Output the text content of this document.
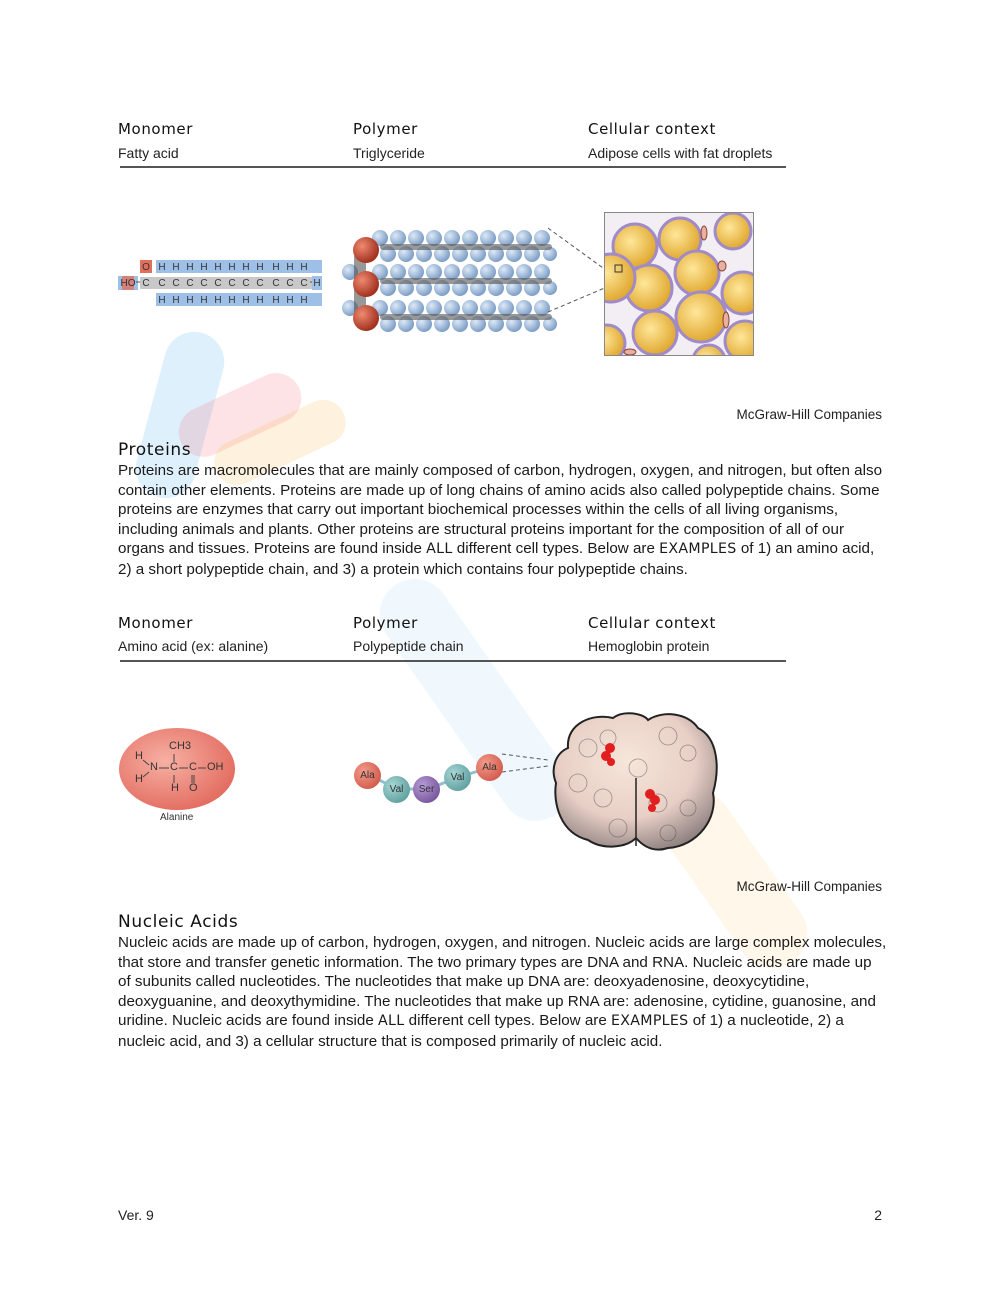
Monomer	Polymer	Cellular context
Fatty acid	Triglyceride	Adipose cells with fat droplets
O H H H H H H H H H H H
HO C C C C C C C C C C C C H
H H H H H H H H H H H
McGraw-Hill Companies
Proteins
Proteins are macromolecules that are mainly composed of carbon, hydrogen, oxygen, and nitrogen, but often also contain other elements. Proteins are made up of long chains of amino acids also called polypeptide chains. Some proteins are enzymes that carry out important biochemical processes within the cells of all living organisms, including animals and plants. Other proteins are structural proteins important for the composition of all of our organs and tissues. Proteins are found inside ALL different cell types. Below are EXAMPLES of 1) an amino acid, 2) a short polypeptide chain, and 3) a protein which contains four polypeptide chains.
Monomer	Polymer	Cellular context
Amino acid (ex: alanine)	Polypeptide chain	Hemoglobin protein
CH3
H
N C C OH
H
H O
Alanine
Ala
Val	Ser
Val
Ala
McGraw-Hill Companies
Nucleic Acids
Nucleic acids are made up of carbon, hydrogen, oxygen, and nitrogen. Nucleic acids are large complex molecules, that store and transfer genetic information. The two primary types are DNA and RNA. Nucleic acids are made up of subunits called nucleotides. The nucleotides that make up DNA are: deoxyadenosine, deoxycytidine, deoxyguanine, and deoxythymidine. The nucleotides that make up RNA are: adenosine, cytidine, guanosine, and uridine. Nucleic acids are found inside ALL different cell types. Below are EXAMPLES of 1) a nucleotide, 2) a nucleic acid, and 3) a cellular structure that is composed primarily of nucleic acid.
Ver. 9	2
